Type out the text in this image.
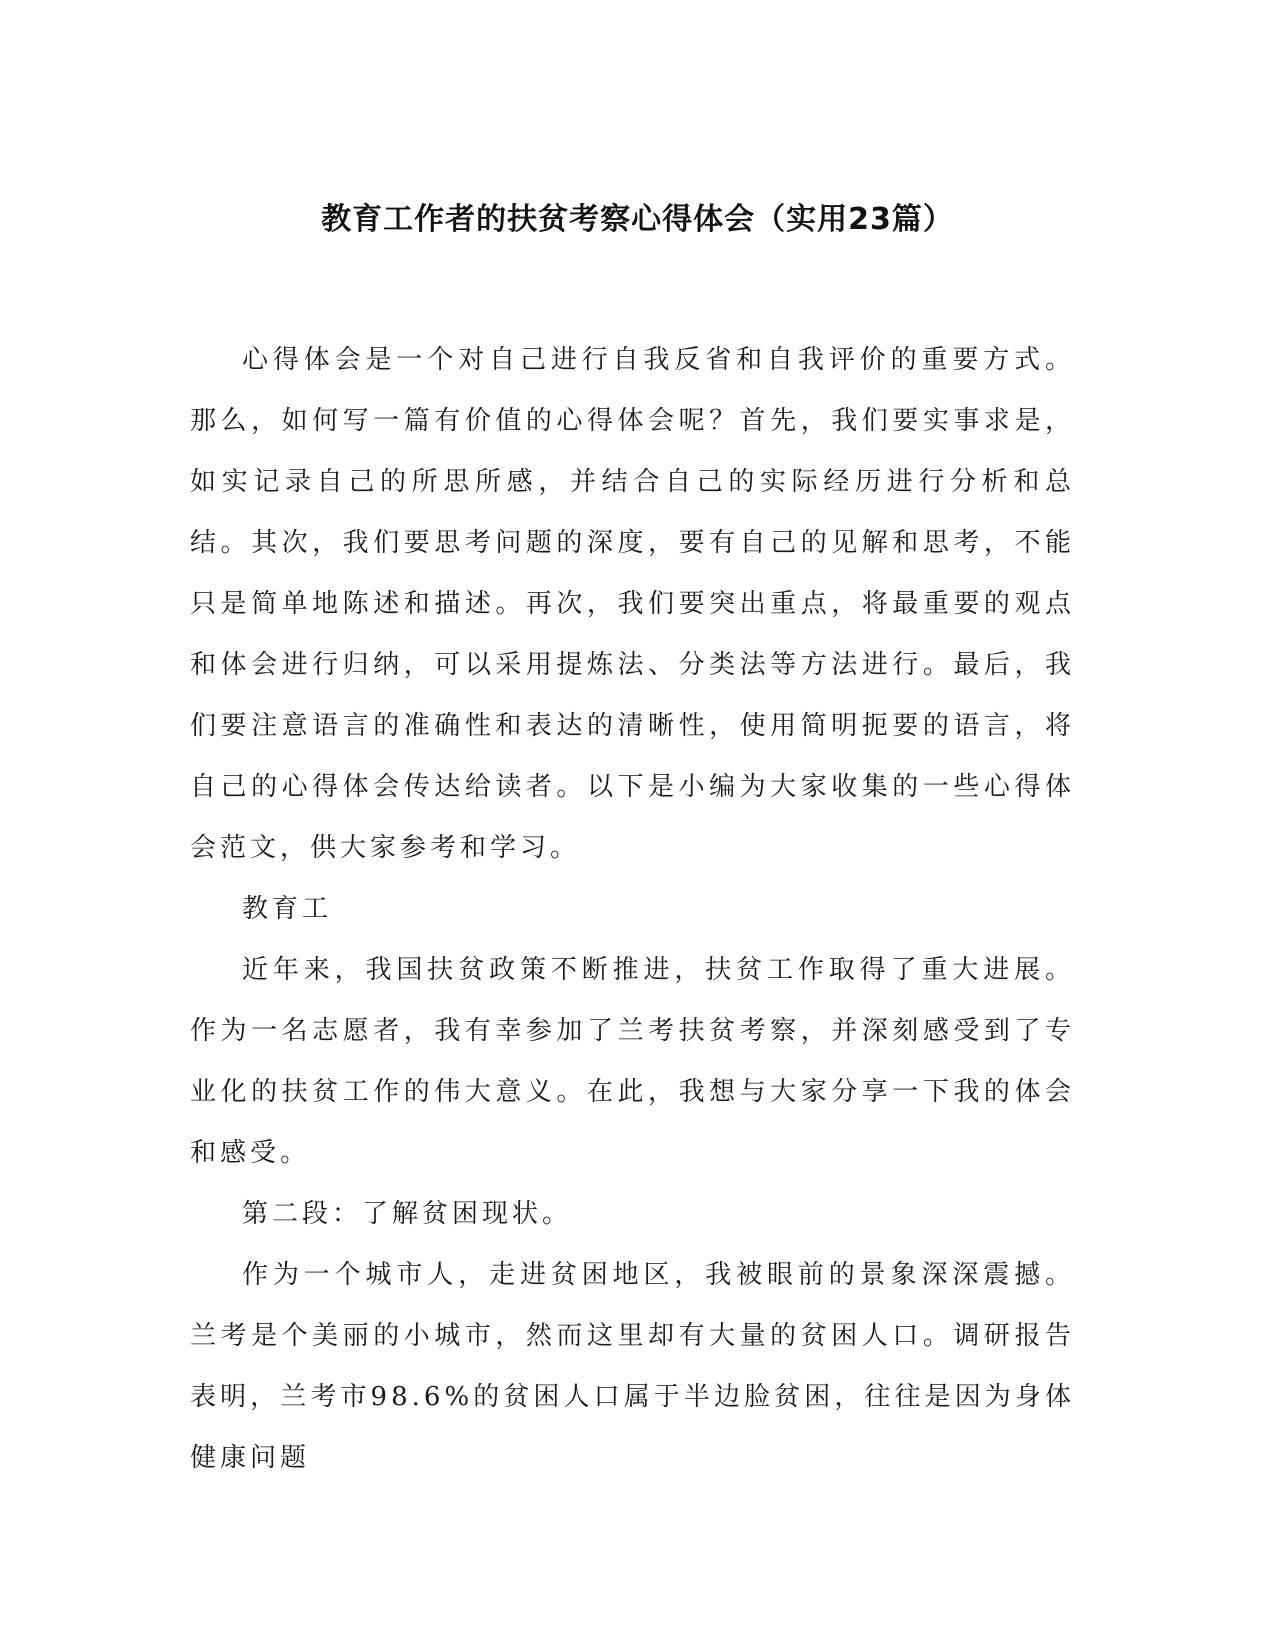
教育工作者的扶贫考察心得体会（实用23篇）

心得体会是一个对自己进行自我反省和自我评价的重要方式。那么，如何写一篇有价值的心得体会呢？首先，我们要实事求是，如实记录自己的所思所感，并结合自己的实际经历进行分析和总结。其次，我们要思考问题的深度，要有自己的见解和思考，不能只是简单地陈述和描述。再次，我们要突出重点，将最重要的观点和体会进行归纳，可以采用提炼法、分类法等方法进行。最后，我们要注意语言的准确性和表达的清晰性，使用简明扼要的语言，将自己的心得体会传达给读者。以下是小编为大家收集的一些心得体会范文，供大家参考和学习。

教育工

近年来，我国扶贫政策不断推进，扶贫工作取得了重大进展。作为一名志愿者，我有幸参加了兰考扶贫考察，并深刻感受到了专业化的扶贫工作的伟大意义。在此，我想与大家分享一下我的体会和感受。

第二段：了解贫困现状。

作为一个城市人，走进贫困地区，我被眼前的景象深深震撼。兰考是个美丽的小城市，然而这里却有大量的贫困人口。调研报告表明，兰考市98.6%的贫困人口属于半边脸贫困，往往是因为身体健康问题
